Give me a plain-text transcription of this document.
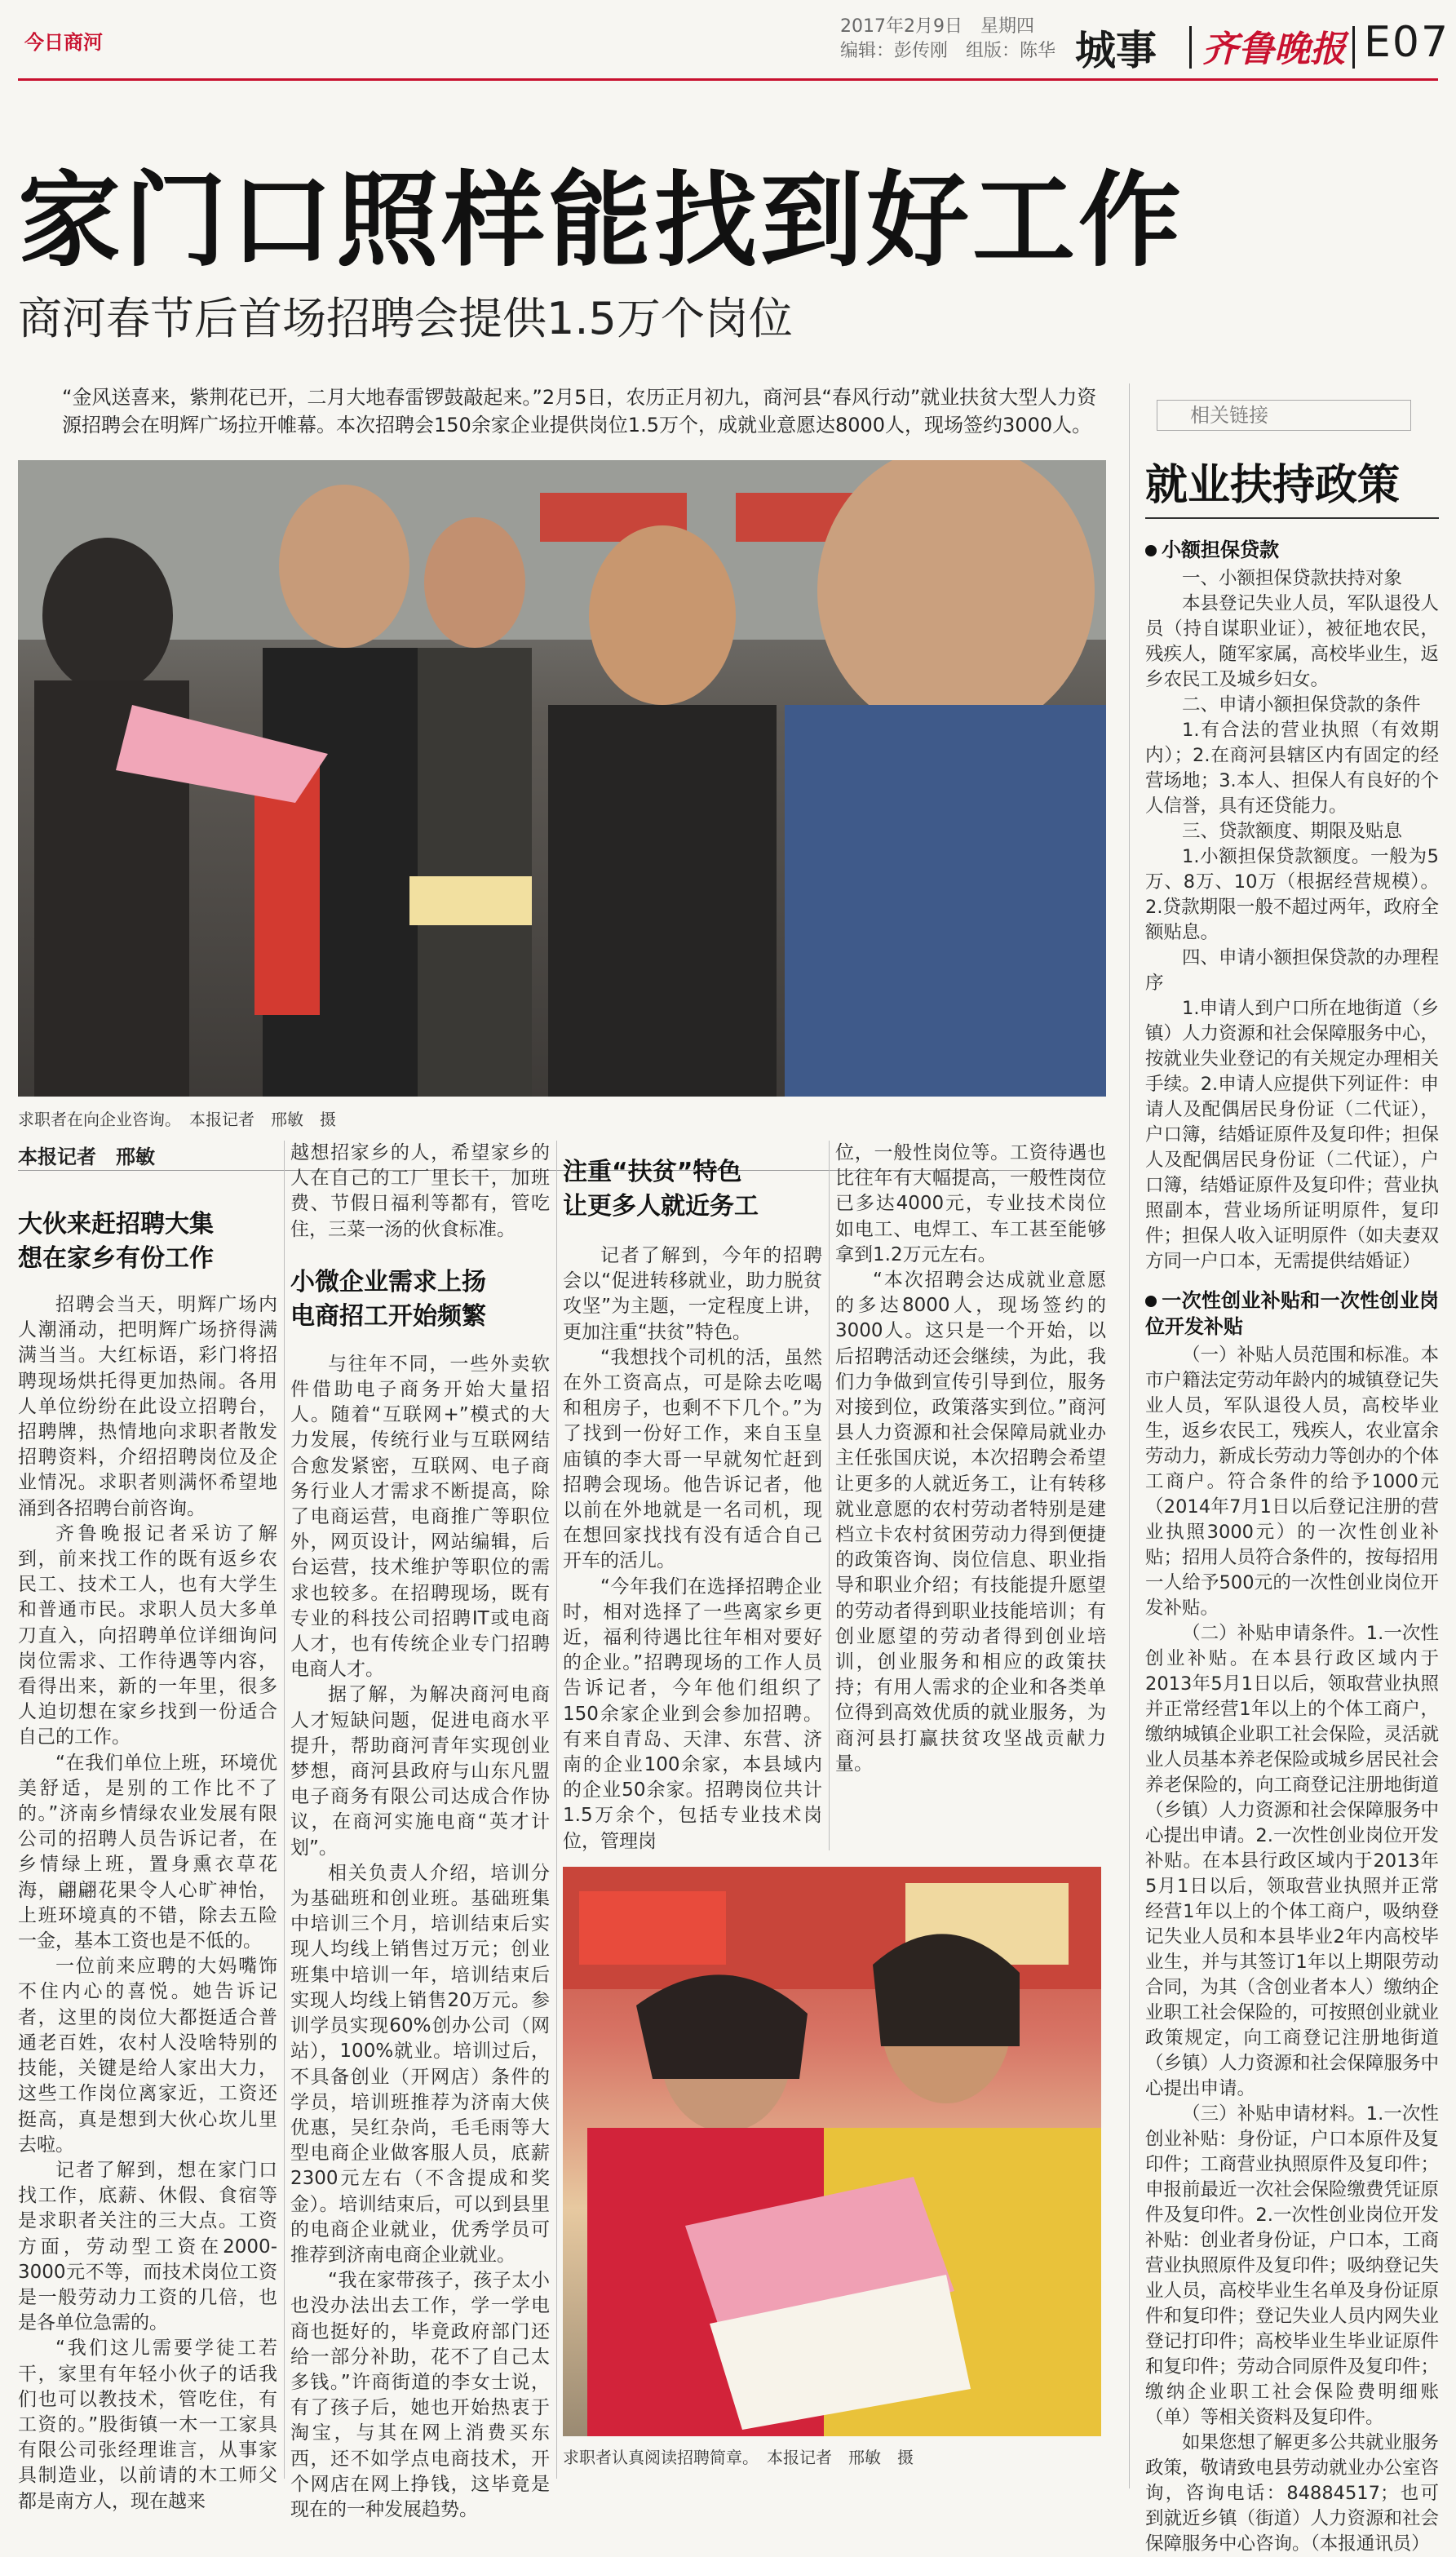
今日商河
2017年2月9日　星期四
编辑：彭传刚　组版：陈华 城事 齐鲁晚报 E07
家门口照样能找到好工作
商河春节后首场招聘会提供1.5万个岗位
“金风送喜来，紫荆花已开，二月大地春雷锣鼓敲起来。”2月5日，农历正月初九，商河县“春风行动”就业扶贫大型人力资源招聘会在明辉广场拉开帷幕。本次招聘会150余家企业提供岗位1.5万个，成就业意愿达8000人，现场签约3000人。
求职者在向企业咨询。　本报记者　邢敏　摄
本报记者　邢敏
大伙来赶招聘大集
想在家乡有份工作

招聘会当天，明辉广场内人潮涌动，把明辉广场挤得满满当当。大红标语，彩门将招聘现场烘托得更加热闹。各用人单位纷纷在此设立招聘台，招聘牌，热情地向求职者散发招聘资料，介绍招聘岗位及企业情况。求职者则满怀希望地涌到各招聘台前咨询。

齐鲁晚报记者采访了解到，前来找工作的既有返乡农民工、技术工人，也有大学生和普通市民。求职人员大多单刀直入，向招聘单位详细询问岗位需求、工作待遇等内容，看得出来，新的一年里，很多人迫切想在家乡找到一份适合自己的工作。

“在我们单位上班，环境优美舒适，是别的工作比不了的。”济南乡情绿农业发展有限公司的招聘人员告诉记者，在乡情绿上班，置身熏衣草花海，翩翩花果令人心旷神怡，上班环境真的不错，除去五险一金，基本工资也是不低的。

一位前来应聘的大妈嘴饰不住内心的喜悦。她告诉记者，这里的岗位大都挺适合普通老百姓，农村人没啥特别的技能，关键是给人家出大力，这些工作岗位离家近，工资还挺高，真是想到大伙心坎儿里去啦。

记者了解到，想在家门口找工作，底薪、休假、食宿等是求职者关注的三大点。工资方面，劳动型工资在2000-3000元不等，而技术岗位工资是一般劳动力工资的几倍，也是各单位急需的。

“我们这儿需要学徒工若干，家里有年轻小伙子的话我们也可以教技术，管吃住，有工资的。”股街镇一木一工家具有限公司张经理谁言，从事家具制造业，以前请的木工师父都是南方人，现在越来

越想招家乡的人，希望家乡的人在自己的工厂里长干，加班费、节假日福利等都有，管吃住，三菜一汤的伙食标准。

小微企业需求上扬
电商招工开始频繁

与往年不同，一些外卖软件借助电子商务开始大量招人。随着“互联网+”模式的大力发展，传统行业与互联网结合愈发紧密，互联网、电子商务行业人才需求不断提高，除了电商运营，电商推广等职位外，网页设计，网站编辑，后台运营，技术维护等职位的需求也较多。在招聘现场，既有专业的科技公司招聘IT或电商人才，也有传统企业专门招聘电商人才。

据了解，为解决商河电商人才短缺问题，促进电商水平提升，帮助商河青年实现创业梦想，商河县政府与山东凡盟电子商务有限公司达成合作协议，在商河实施电商“英才计划”。

相关负责人介绍，培训分为基础班和创业班。基础班集中培训三个月，培训结束后实现人均线上销售过万元；创业班集中培训一年，培训结束后实现人均线上销售20万元。参训学员实现60%创办公司（网站），100%就业。培训过后，不具备创业（开网店）条件的学员，培训班推荐为济南大侠优惠，吴红杂尚，毛毛雨等大型电商企业做客服人员，底薪2300元左右（不含提成和奖金）。培训结束后，可以到县里的电商企业就业，优秀学员可推荐到济南电商企业就业。

“我在家带孩子，孩子太小也没办法出去工作，学一学电商也挺好的，毕竟政府部门还给一部分补助，花不了自己太多钱。”许商街道的李女士说，有了孩子后，她也开始热衷于淘宝，与其在网上消费买东西，还不如学点电商技术，开个网店在网上挣钱，这毕竟是现在的一种发展趋势。

注重“扶贫”特色
让更多人就近务工

记者了解到，今年的招聘会以“促进转移就业，助力脱贫攻坚”为主题，一定程度上讲，更加注重“扶贫”特色。

“我想找个司机的活，虽然在外工资高点，可是除去吃喝和租房子，也剩不下几个。”为了找到一份好工作，来自玉皇庙镇的李大哥一早就匆忙赶到招聘会现场。他告诉记者，他以前在外地就是一名司机，现在想回家找找有没有适合自己开车的活儿。

“今年我们在选择招聘企业时，相对选择了一些离家乡更近，福利待遇比往年相对要好的企业。”招聘现场的工作人员告诉记者，今年他们组织了150余家企业到会参加招聘。有来自青岛、天津、东营、济南的企业100余家，本县域内的企业50余家。招聘岗位共计1.5万余个，包括专业技术岗位，管理岗

位，一般性岗位等。工资待遇也比往年有大幅提高，一般性岗位已多达4000元，专业技术岗位如电工、电焊工、车工甚至能够拿到1.2万元左右。

“本次招聘会达成就业意愿的多达8000人，现场签约的3000人。这只是一个开始，以后招聘活动还会继续，为此，我们力争做到宣传引导到位，服务对接到位，政策落实到位。”商河县人力资源和社会保障局就业办主任张国庆说，本次招聘会希望让更多的人就近务工，让有转移就业意愿的农村劳动者特别是建档立卡农村贫困劳动力得到便捷的政策咨询、岗位信息、职业指导和职业介绍；有技能提升愿望的劳动者得到职业技能培训；有创业愿望的劳动者得到创业培训，创业服务和相应的政策扶持；有用人需求的企业和各类单位得到高效优质的就业服务，为商河县打赢扶贫攻坚战贡献力量。

求职者认真阅读招聘简章。　本报记者　邢敏　摄
相关链接
就业扶持政策

小额担保贷款

一、小额担保贷款扶持对象

本县登记失业人员，军队退役人员（持自谋职业证），被征地农民，残疾人，随军家属，高校毕业生，返乡农民工及城乡妇女。

二、申请小额担保贷款的条件

1.有合法的营业执照（有效期内）；2.在商河县辖区内有固定的经营场地；3.本人、担保人有良好的个人信誉，具有还贷能力。

三、贷款额度、期限及贴息

1.小额担保贷款额度。一般为5万、8万、10万（根据经营规模）。2.贷款期限一般不超过两年，政府全额贴息。

四、申请小额担保贷款的办理程序

1.申请人到户口所在地街道（乡镇）人力资源和社会保障服务中心，按就业失业登记的有关规定办理相关手续。2.申请人应提供下列证件：申请人及配偶居民身份证（二代证），户口簿，结婚证原件及复印件；担保人及配偶居民身份证（二代证），户口簿，结婚证原件及复印件；营业执照副本，营业场所证明原件，复印件；担保人收入证明原件（如夫妻双方同一户口本，无需提供结婚证）

一次性创业补贴和一次性创业岗位开发补贴

（一）补贴人员范围和标准。本市户籍法定劳动年龄内的城镇登记失业人员，军队退役人员，高校毕业生，返乡农民工，残疾人，农业富余劳动力，新成长劳动力等创办的个体工商户。符合条件的给予1000元（2014年7月1日以后登记注册的营业执照3000元）的一次性创业补贴；招用人员符合条件的，按每招用一人给予500元的一次性创业岗位开发补贴。

（二）补贴申请条件。1.一次性创业补贴。在本县行政区域内于2013年5月1日以后，领取营业执照并正常经营1年以上的个体工商户，缴纳城镇企业职工社会保险，灵活就业人员基本养老保险或城乡居民社会养老保险的，向工商登记注册地街道（乡镇）人力资源和社会保障服务中心提出申请。2.一次性创业岗位开发补贴。在本县行政区域内于2013年5月1日以后，领取营业执照并正常经营1年以上的个体工商户，吸纳登记失业人员和本县毕业2年内高校毕业生，并与其签订1年以上期限劳动合同，为其（含创业者本人）缴纳企业职工社会保险的，可按照创业就业政策规定，向工商登记注册地街道（乡镇）人力资源和社会保障服务中心提出申请。

（三）补贴申请材料。1.一次性创业补贴：身份证，户口本原件及复印件；工商营业执照原件及复印件；申报前最近一次社会保险缴费凭证原件及复印件。2.一次性创业岗位开发补贴：创业者身份证，户口本，工商营业执照原件及复印件；吸纳登记失业人员，高校毕业生名单及身份证原件和复印件；登记失业人员内网失业登记打印件；高校毕业生毕业证原件和复印件；劳动合同原件及复印件；缴纳企业职工社会保险费明细账（单）等相关资料及复印件。

如果您想了解更多公共就业服务政策，敬请致电县劳动就业办公室咨询，咨询电话：84884517；也可到就近乡镇（街道）人力资源和社会保障服务中心咨询。（本报通讯员）
